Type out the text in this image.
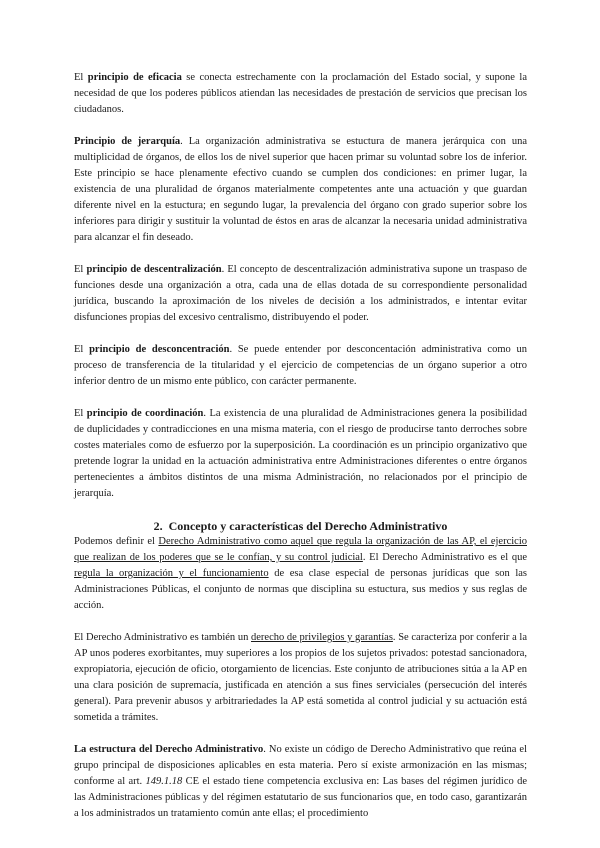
El principio de eficacia se conecta estrechamente con la proclamación del Estado social, y supone la necesidad de que los poderes públicos atiendan las necesidades de prestación de servicios que precisan los ciudadanos.

Principio de jerarquía. La organización administrativa se estuctura de manera jerárquica con una multiplicidad de órganos, de ellos los de nivel superior que hacen primar su voluntad sobre los de inferior. Este principio se hace plenamente efectivo cuando se cumplen dos condiciones: en primer lugar, la existencia de una pluralidad de órganos materialmente competentes ante una actuación y que guardan diferente nivel en la estuctura; en segundo lugar, la prevalencia del órgano con grado superior sobre los inferiores para dirigir y sustituir la voluntad de éstos en aras de alcanzar la necesaria unidad administrativa para alcanzar el fin deseado.

El principio de descentralización. El concepto de descentralización administrativa supone un traspaso de funciones desde una organización a otra, cada una de ellas dotada de su correspondiente personalidad jurídica, buscando la aproximación de los niveles de decisión a los administrados, e intentar evitar disfunciones propias del excesivo centralismo, distribuyendo el poder.

El principio de desconcentración. Se puede entender por desconcentación administrativa como un proceso de transferencia de la titularidad y el ejercicio de competencias de un órgano superior a otro inferior dentro de un mismo ente público, con carácter permanente.

El principio de coordinación. La existencia de una pluralidad de Administraciones genera la posibilidad de duplicidades y contradicciones en una misma materia, con el riesgo de producirse tanto derroches sobre costes materiales como de esfuerzo por la superposición. La coordinación es un principio organizativo que pretende lograr la unidad en la actuación administrativa entre Administraciones diferentes o entre órganos pertenecientes a ámbitos distintos de una misma Administración, no relacionados por el principio de jerarquía.

2. Concepto y características del Derecho Administrativo

Podemos definir el Derecho Administrativo como aquel que regula la organización de las AP, el ejercicio que realizan de los poderes que se le confían, y su control judicial. El Derecho Administrativo es el que regula la organización y el funcionamiento de esa clase especial de personas jurídicas que son las Administraciones Públicas, el conjunto de normas que disciplina su estuctura, sus medios y sus reglas de acción.

El Derecho Administrativo es también un derecho de privilegios y garantías. Se caracteriza por conferir a la AP unos poderes exorbitantes, muy superiores a los propios de los sujetos privados: potestad sancionadora, expropiatoria, ejecución de oficio, otorgamiento de licencias. Este conjunto de atribuciones sitúa a la AP en una clara posición de supremacía, justificada en atención a sus fines serviciales (persecución del interés general). Para prevenir abusos y arbitrariedades la AP está sometida al control judicial y su actuación está sometida a trámites.

La estructura del Derecho Administrativo. No existe un código de Derecho Administrativo que reúna el grupo principal de disposiciones aplicables en esta materia. Pero sí existe armonización en las mismas; conforme al art. 149.1.18 CE el estado tiene competencia exclusiva en: Las bases del régimen jurídico de las Administraciones públicas y del régimen estatutario de sus funcionarios que, en todo caso, garantizarán a los administrados un tratamiento común ante ellas; el procedimiento
